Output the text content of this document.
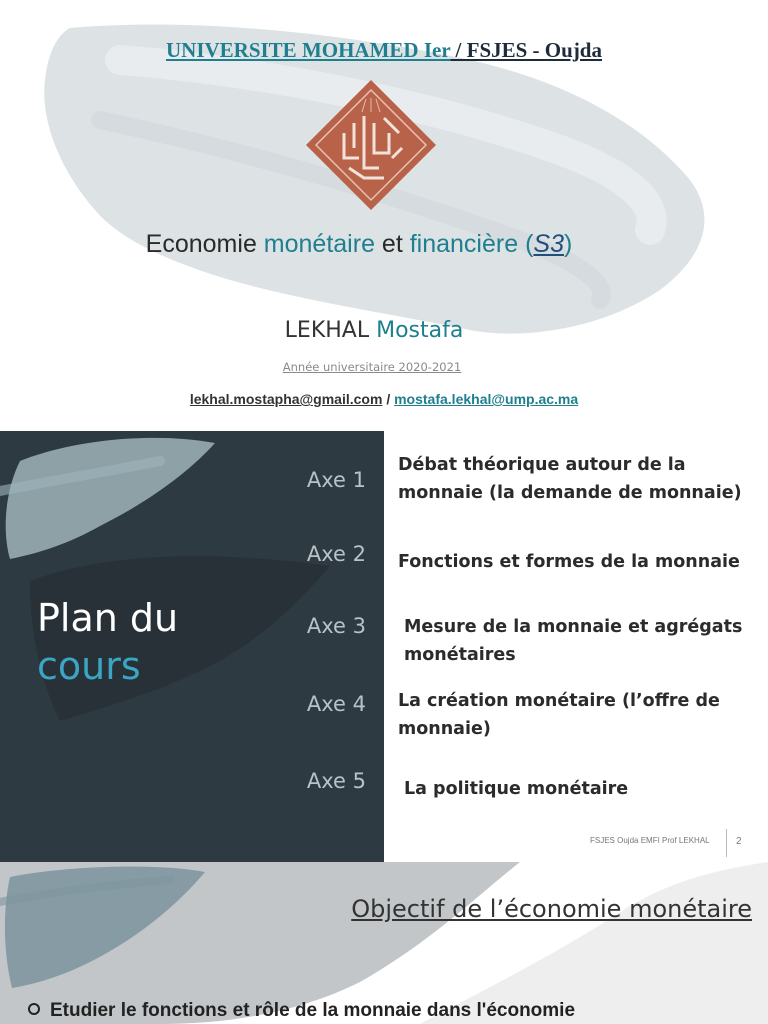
UNIVERSITE MOHAMED Ier / FSJES - Oujda
Economie monétaire et financière (S3)
LEKHAL Mostafa
Année universitaire 2020-2021
lekhal.mostapha@gmail.com / mostafa.lekhal@ump.ac.ma
Plan du
cours
Axe 1
Axe 2
Axe 3
Axe 4
Axe 5
Débat théorique autour de la monnaie (la demande de monnaie)
Fonctions et formes de la monnaie
Mesure de la monnaie et agrégats monétaires
La création monétaire (l’offre de monnaie)
La politique monétaire
FSJES Oujda EMFI Prof LEKHAL	2
Objectif de l’économie monétaire
Etudier le fonctions et rôle de la monnaie dans l'économie
